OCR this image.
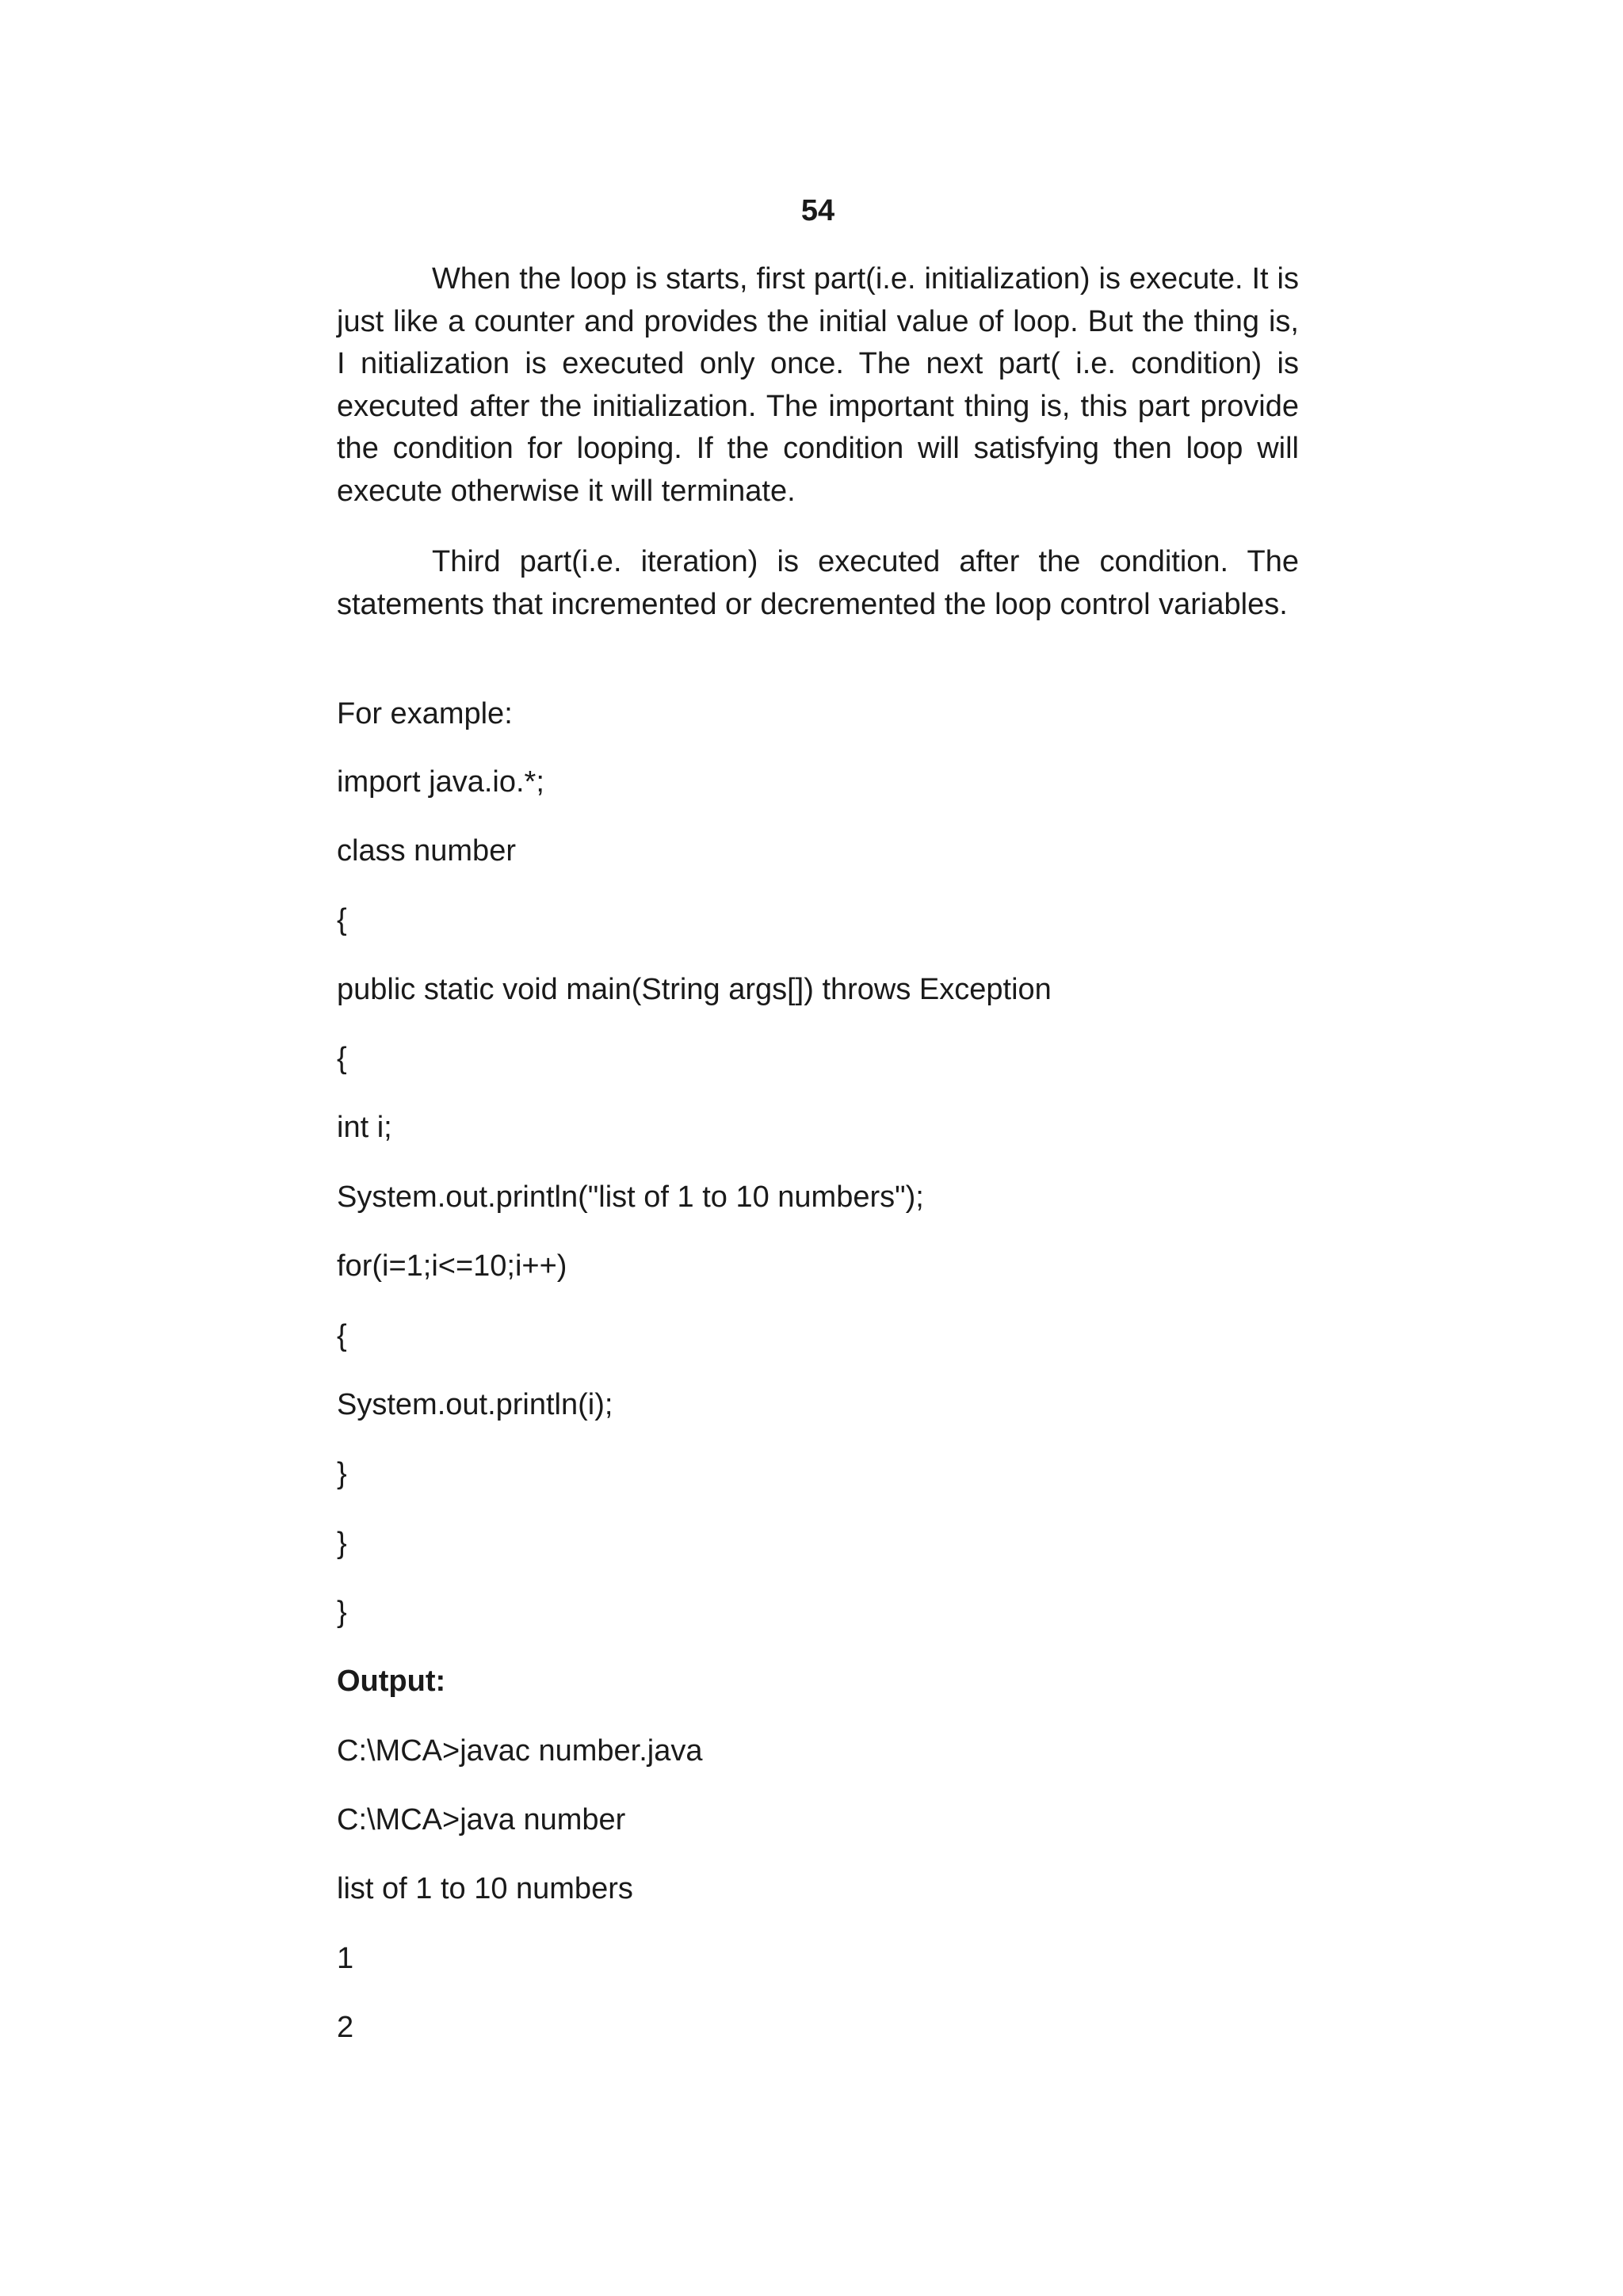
54

When the loop is starts, first part(i.e. initialization) is execute. It is just like a counter and provides the initial value of loop. But the thing is, I nitialization is executed only once. The next part( i.e. condition) is executed after the initialization. The important thing is, this part provide the condition for looping. If the condition will satisfying then loop will execute otherwise it will terminate.

Third part(i.e. iteration) is executed after the condition. The statements that incremented or decremented the loop control variables.

For example:
import java.io.*;
class number
{
public static void main(String args[]) throws Exception
{
int i;
System.out.println("list of 1 to 10 numbers");
for(i=1;i<=10;i++)
{
System.out.println(i);
}
}
}
Output:
C:\MCA>javac number.java
C:\MCA>java number
list of 1 to 10 numbers
1
2
